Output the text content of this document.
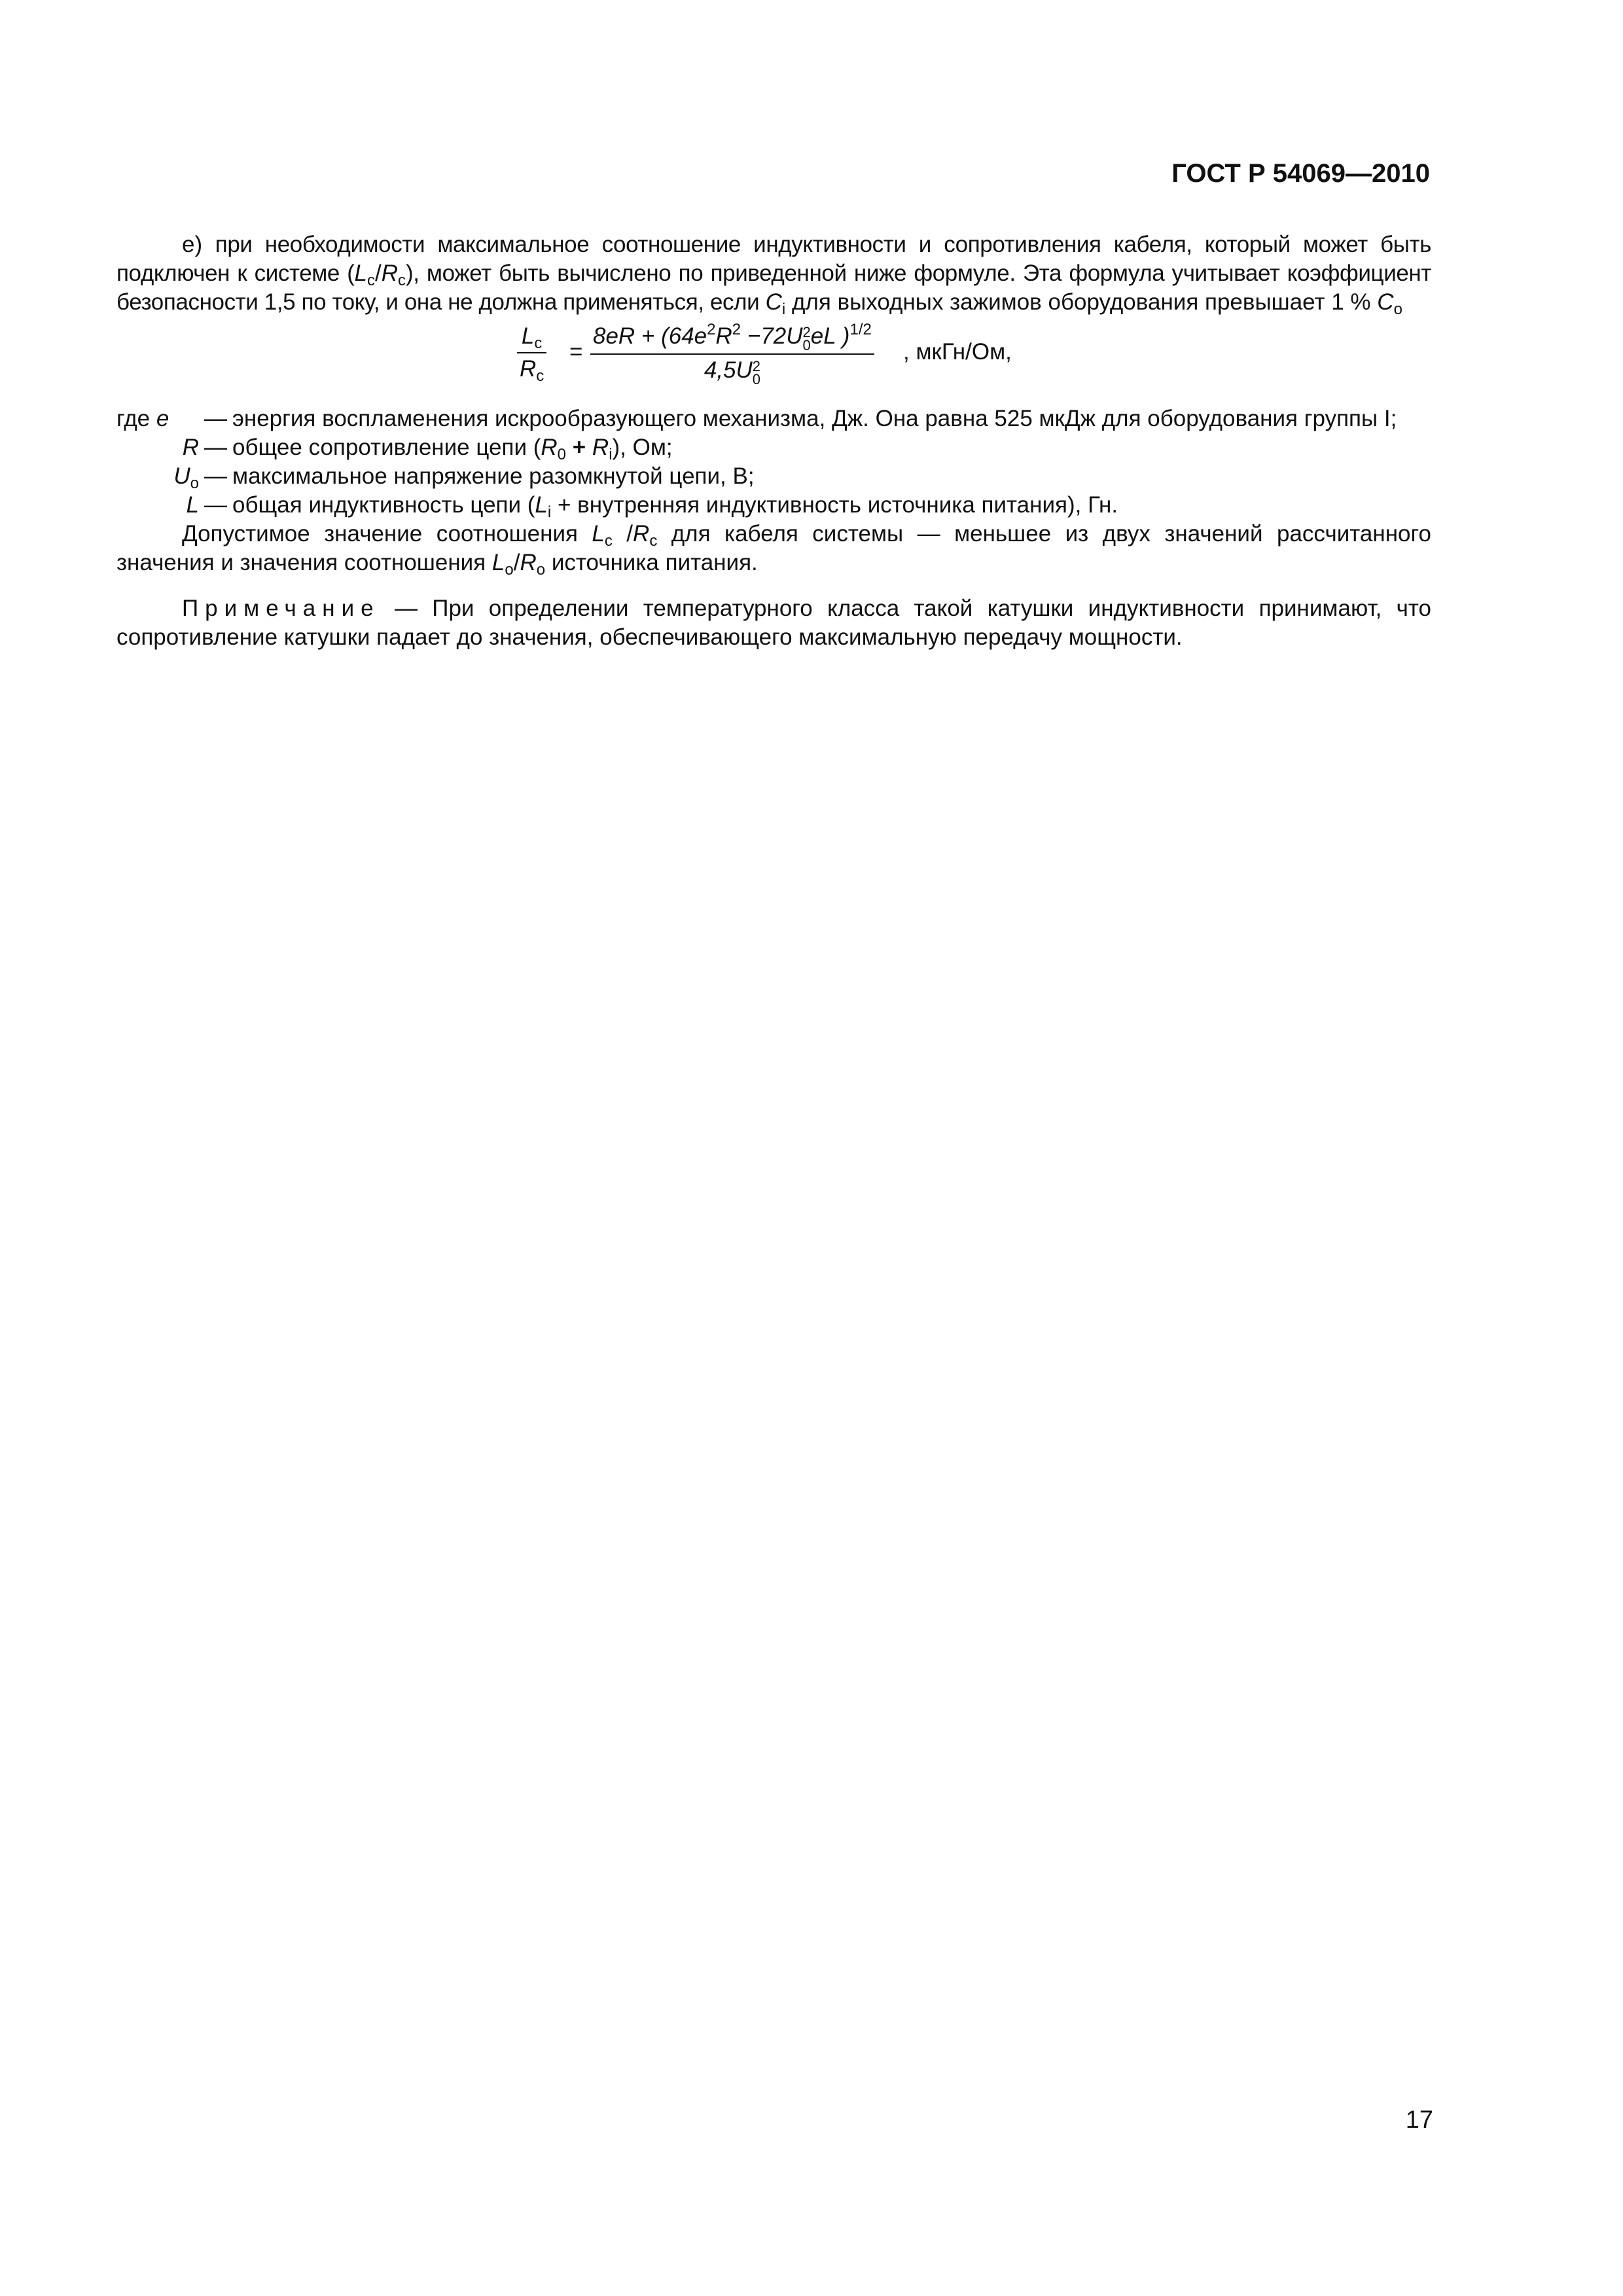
ГОСТ Р 54069—2010

е) при необходимости максимальное соотношение индуктивности и сопротивления кабеля, который может быть подключен к системе $(L_c/R_c)$, может быть вычислено по приведенной ниже формуле. Эта формула учитывает коэффициент безопасности 1,5 по току, и она не должна применяться, если $C_i$ для выходных зажимов оборудования превышает 1 % $C_o$

$L_c$
$R_c$
=
$8eR + (64e^2R^2 -72U$ 2
0 eL )$^{1/2}$
4,5U 2
0
, мкГн/Ом,
где e	— энергия воспламенения искрообразующего механизма, Дж. Она равна 525 мкДж для оборудования группы I;
R — общее сопротивление цепи $(R_0 + R_i)$, Ом;
$U_o$ — максимальное напряжение разомкнутой цепи, В;
L — общая индуктивность цепи ($L_i$ + внутренняя индуктивность источника питания), Гн.

Допустимое значение соотношения $L_c$ $/R_c$ для кабеля системы — меньшее из двух значений рассчитанного значения и значения соотношения $L_o/R_o$ источника питания.

Примечание — При определении температурного класса такой катушки индуктивности принимают, что сопротивление катушки падает до значения, обеспечивающего максимальную передачу мощности.

17
